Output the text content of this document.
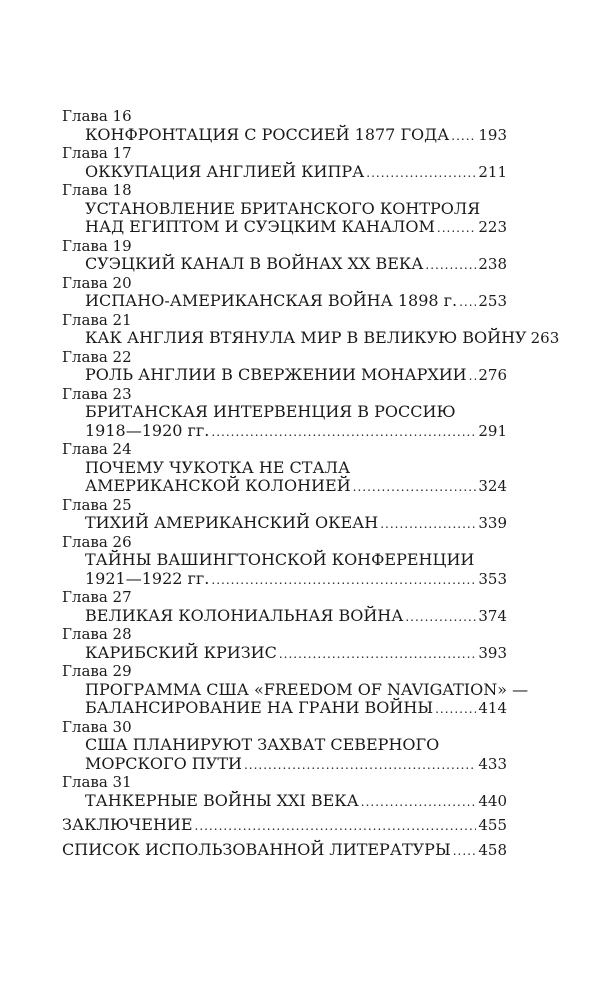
Глава 16
КОНФРОНТАЦИЯ С РОССИЕЙ 1877 ГОДА ..... 193
Глава 17
ОККУПАЦИЯ АНГЛИЕЙ КИПРА .....	211
Глава 18
УСТАНОВЛЕНИЕ БРИТАНСКОГО КОНТРОЛЯ
НАД ЕГИПТОМ И СУЭЦКИМ КАНАЛОМ .....	223
Глава 19
СУЭЦКИЙ КАНАЛ В ВОЙНАХ XX ВЕКА .....	238
Глава 20
ИСПАНО-АМЕРИКАНСКАЯ ВОЙНА 1898 г. ..... 253
Глава 21
КАК АНГЛИЯ ВТЯНУЛА МИР В ВЕЛИКУЮ ВОЙНУ 263
Глава 22
РОЛЬ АНГЛИИ В СВЕРЖЕНИИ МОНАРХИИ ..... 276
Глава 23
БРИТАНСКАЯ ИНТЕРВЕНЦИЯ В РОССИЮ
1918—1920 гг. .....	291
Глава 24
ПОЧЕМУ ЧУКОТКА НЕ СТАЛА
АМЕРИКАНСКОЙ КОЛОНИЕЙ .....	324
Глава 25
ТИХИЙ АМЕРИКАНСКИЙ ОКЕАН .....	339
Глава 26
ТАЙНЫ ВАШИНГТОНСКОЙ КОНФЕРЕНЦИИ
1921—1922 гг. .....	353
Глава 27
ВЕЛИКАЯ КОЛОНИАЛЬНАЯ ВОЙНА .....	374
Глава 28
КАРИБСКИЙ КРИЗИС .....	393
Глава 29
ПРОГРАММА США «FREEDOM OF NAVIGATION» —
БАЛАНСИРОВАНИЕ НА ГРАНИ ВОЙНЫ .....	414
Глава 30
США ПЛАНИРУЮТ ЗАХВАТ СЕВЕРНОГО
МОРСКОГО ПУТИ .....	433
Глава 31
ТАНКЕРНЫЕ ВОЙНЫ XXI ВЕКА .....	440
ЗАКЛЮЧЕНИЕ .....	455
СПИСОК ИСПОЛЬЗОВАННОЙ ЛИТЕРАТУРЫ ..... 458
